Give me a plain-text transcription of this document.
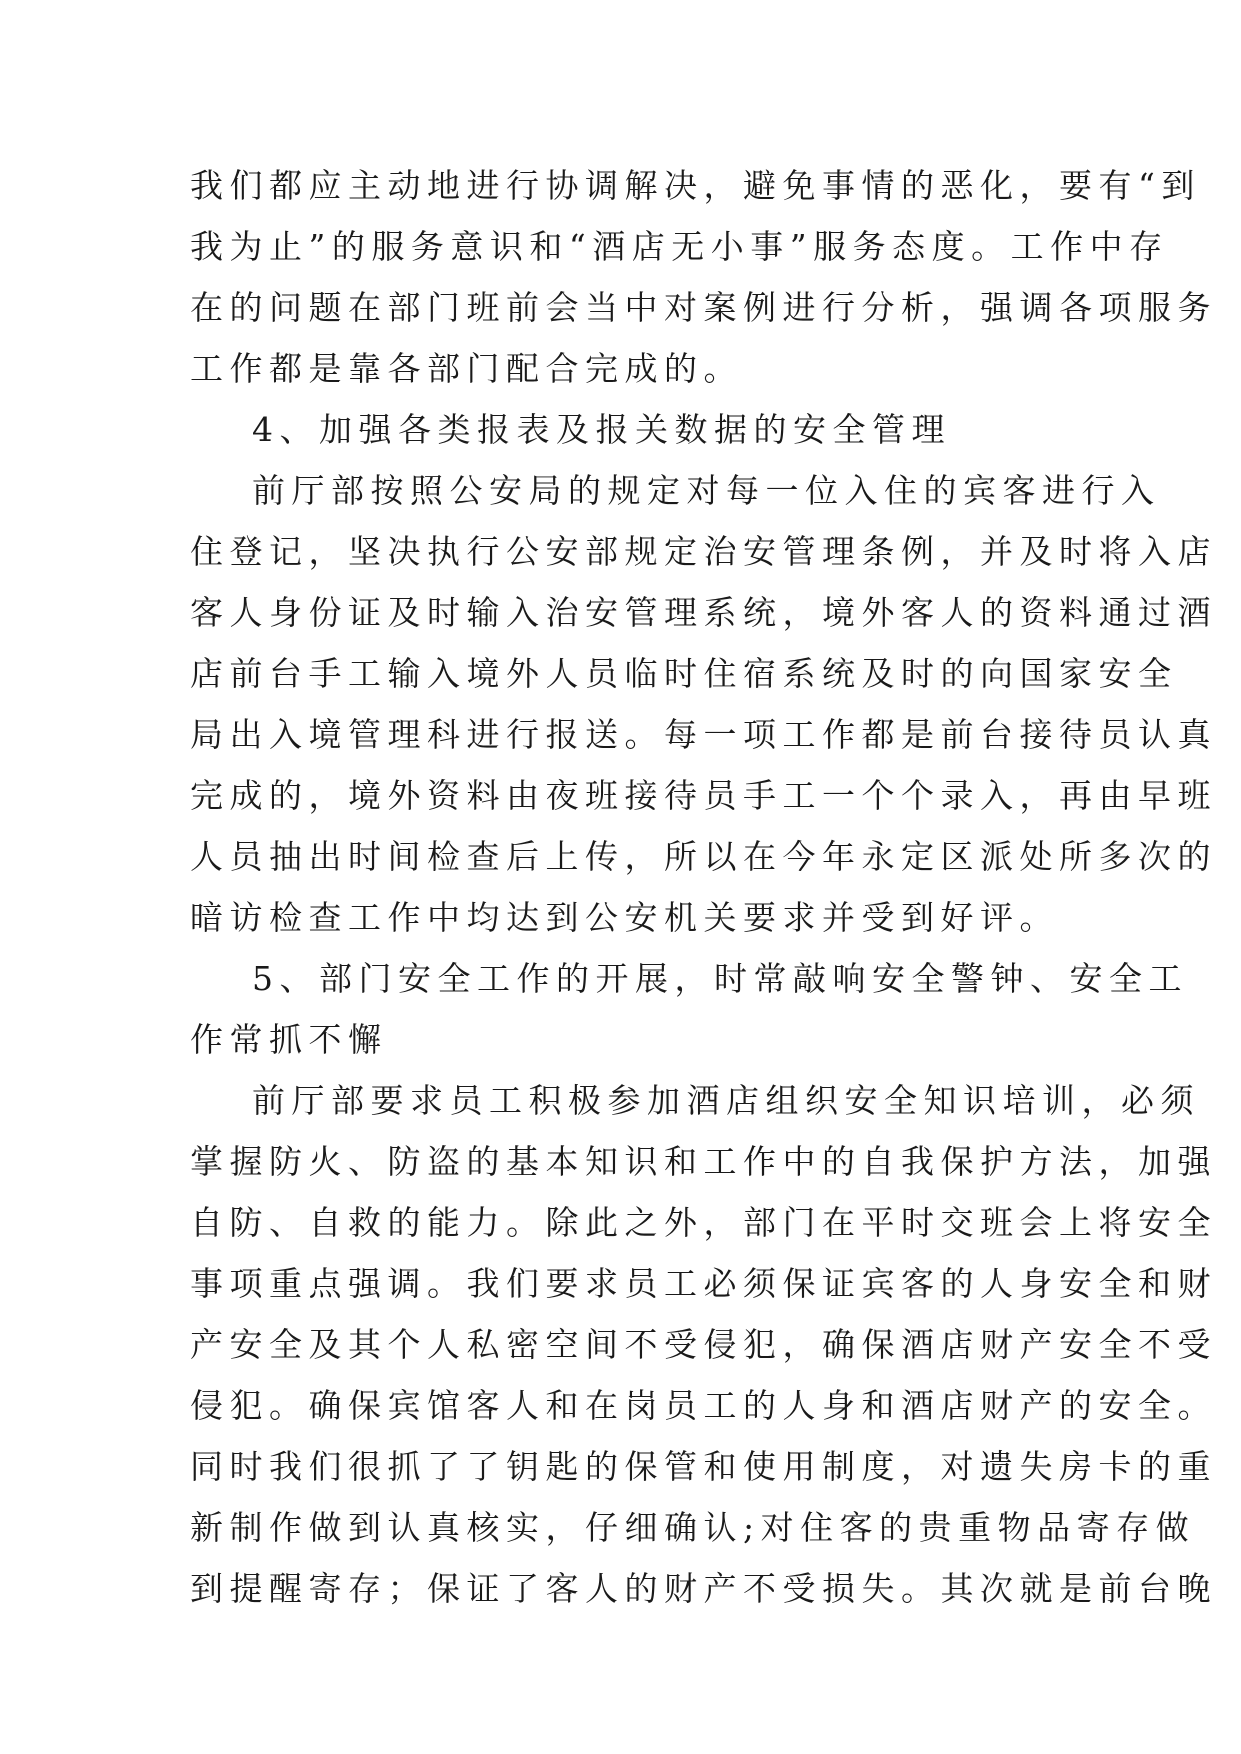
我们都应主动地进行协调解决，避免事情的恶化，要有“到
我为止”的服务意识和“酒店无小事”服务态度。工作中存
在的问题在部门班前会当中对案例进行分析，强调各项服务
工作都是靠各部门配合完成的。
4、加强各类报表及报关数据的安全管理
前厅部按照公安局的规定对每一位入住的宾客进行入
住登记，坚决执行公安部规定治安管理条例，并及时将入店
客人身份证及时输入治安管理系统，境外客人的资料通过酒
店前台手工输入境外人员临时住宿系统及时的向国家安全
局出入境管理科进行报送。每一项工作都是前台接待员认真
完成的，境外资料由夜班接待员手工一个个录入，再由早班
人员抽出时间检查后上传，所以在今年永定区派处所多次的
暗访检查工作中均达到公安机关要求并受到好评。
5、部门安全工作的开展，时常敲响安全警钟、安全工
作常抓不懈
前厅部要求员工积极参加酒店组织安全知识培训，必须
掌握防火、防盗的基本知识和工作中的自我保护方法，加强
自防、自救的能力。除此之外，部门在平时交班会上将安全
事项重点强调。我们要求员工必须保证宾客的人身安全和财
产安全及其个人私密空间不受侵犯，确保酒店财产安全不受
侵犯。确保宾馆客人和在岗员工的人身和酒店财产的安全。
同时我们很抓了了钥匙的保管和使用制度，对遗失房卡的重
新制作做到认真核实，仔细确认;对住客的贵重物品寄存做
到提醒寄存；保证了客人的财产不受损失。其次就是前台晚
